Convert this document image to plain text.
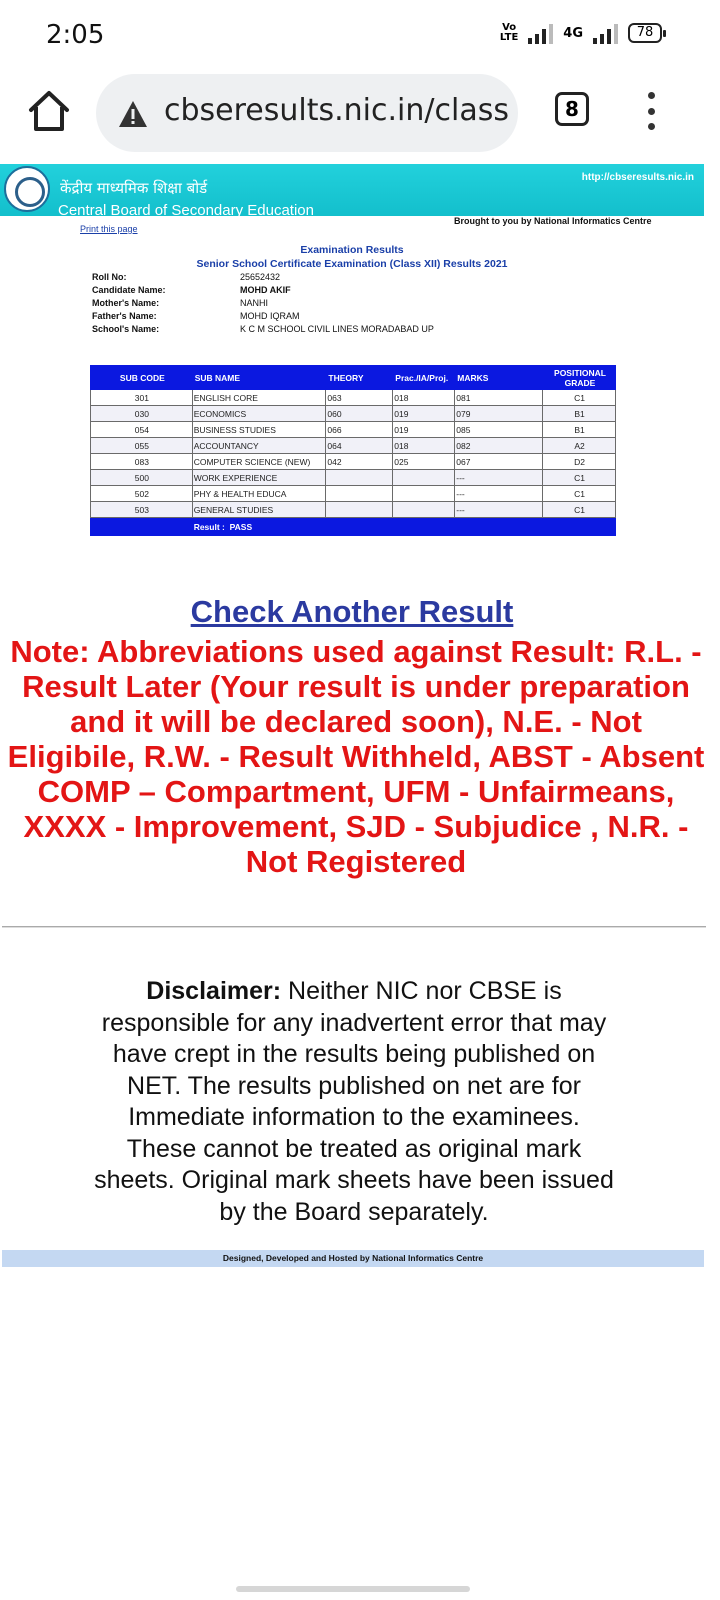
2:05	Vo
LTE	4G	78
cbseresults.nic.in/class	8
केंद्रीय माध्यमिक शिक्षा बोर्ड
Central Board of Secondary Education
http://cbseresults.nic.in
Brought to you by National Informatics Centre
Print this page
Examination Results
Senior School Certificate Examination (Class XII) Results 2021
Roll No:	25652432
Candidate Name:	MOHD AKIF
Mother's Name:	NANHI
Father's Name:	MOHD IQRAM
School's Name:	K C M SCHOOL CIVIL LINES MORADABAD UP
SUB CODE	SUB NAME	THEORY	Prac./IA/Proj.	MARKS	POSITIONAL GRADE
301	ENGLISH CORE	063	018	081	C1
030	ECONOMICS	060	019	079	B1
054	BUSINESS STUDIES	066	019	085	B1
055	ACCOUNTANCY	064	018	082	A2
083	COMPUTER SCIENCE (NEW)	042	025	067	D2
500	WORK EXPERIENCE			---	C1
502	PHY & HEALTH EDUCA			---	C1
503	GENERAL STUDIES			---	C1
	Result : PASS				
Check Another Result
Note: Abbreviations used against Result: R.L. - Result Later (Your result is under preparation and it will be declared soon), N.E. - Not Eligibile, R.W. - Result Withheld, ABST - Absent
COMP – Compartment, UFM - Unfairmeans, XXXX - Improvement, SJD - Subjudice , N.R. - Not Registered
Disclaimer: Neither NIC nor CBSE is responsible for any inadvertent error that may have crept in the results being published on NET. The results published on net are for Immediate information to the examinees. These cannot be treated as original mark sheets. Original mark sheets have been issued by the Board separately.
Designed, Developed and Hosted by National Informatics Centre
